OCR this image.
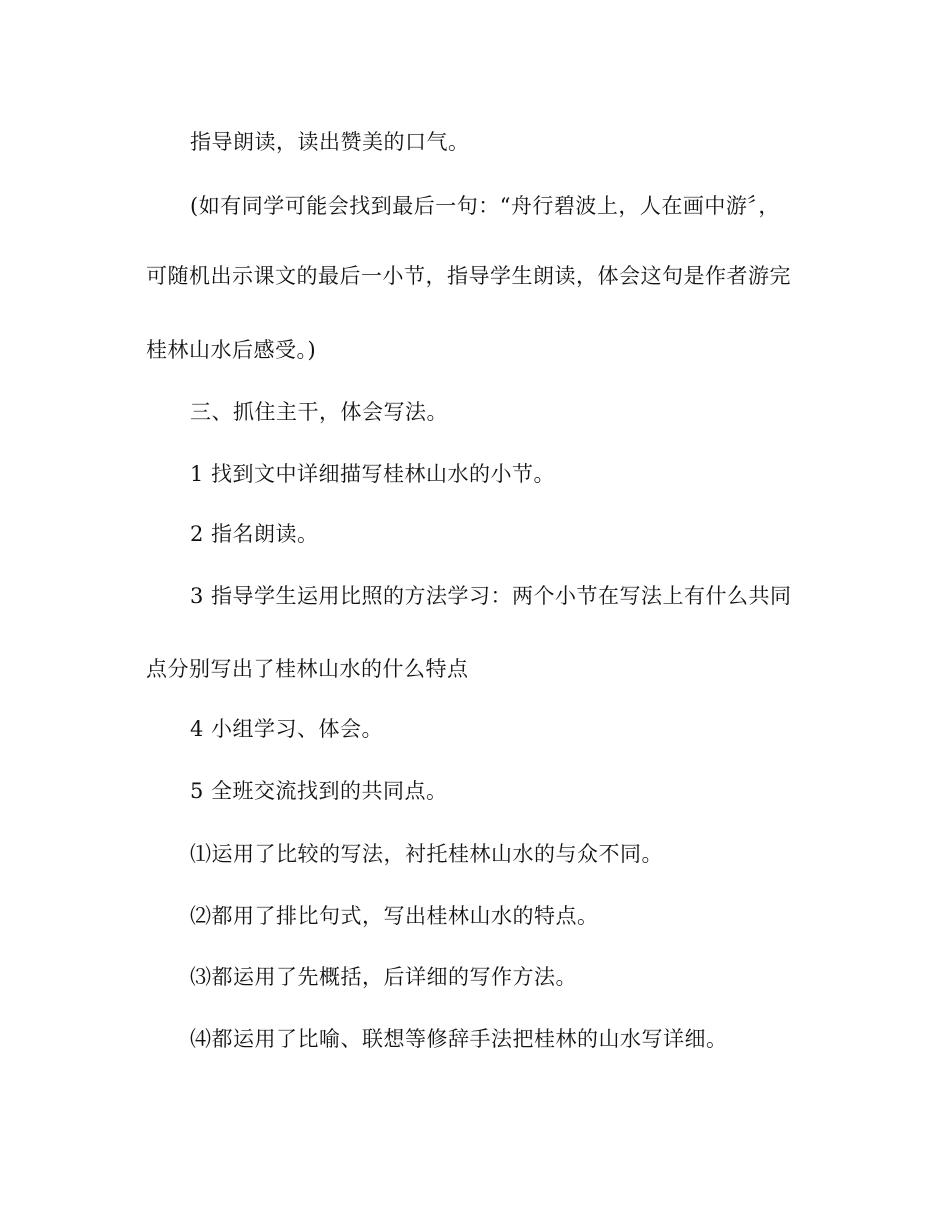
指导朗读，读出赞美的口气。
(如有同学可能会找到最后一句：“舟行碧波上，人在画中游〞，
可随机出示课文的最后一小节，指导学生朗读，体会这句是作者游完
桂林山水后感受。)
三、抓住主干，体会写法。
1 找到文中详细描写桂林山水的小节。
2 指名朗读。
3 指导学生运用比照的方法学习：两个小节在写法上有什么共同
点分别写出了桂林山水的什么特点
4 小组学习、体会。
5 全班交流找到的共同点。
⑴运用了比较的写法，衬托桂林山水的与众不同。
⑵都用了排比句式，写出桂林山水的特点。
⑶都运用了先概括，后详细的写作方法。
⑷都运用了比喻、联想等修辞手法把桂林的山水写详细。
